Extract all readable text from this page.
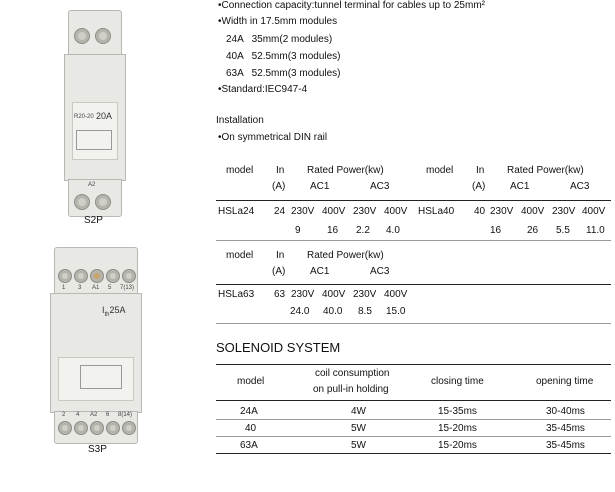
R20-20 20A
A2
S2P
1 3 A1 5 7(13)
$I_{th}25A$
2 4 A2 6 8(14)
S3P
•Connection capacity:tunnel terminal for cables up to 25mm²
•Width in 17.5mm modules
24A   35mm(2 modules)
40A   52.5mm(3 modules)
63A   52.5mm(3 modules)
•Standard:IEC947-4
Installation
•On symmetrical DIN rail
model In
(A)
Rated Power(kw)
AC1	AC3
model In
(A)
Rated Power(kw)
AC1	AC3
HSLa24 24 230V 400V 230V 400V HSLa40 40 230V 400V 230V 400V
9	16 2.2 4.0	16	26 5.5 11.0
model In
(A)
Rated Power(kw)
AC1	AC3
HSLa63 63 230V 400V 230V 400V
24.0 40.0 8.5 15.0
SOLENOID SYSTEM
model
coil consumption
on pull-in holding
closing time	opening time
24A	4W	15-35ms	30-40ms
40	5W	15-20ms	35-45ms
63A	5W	15-20ms	35-45ms
